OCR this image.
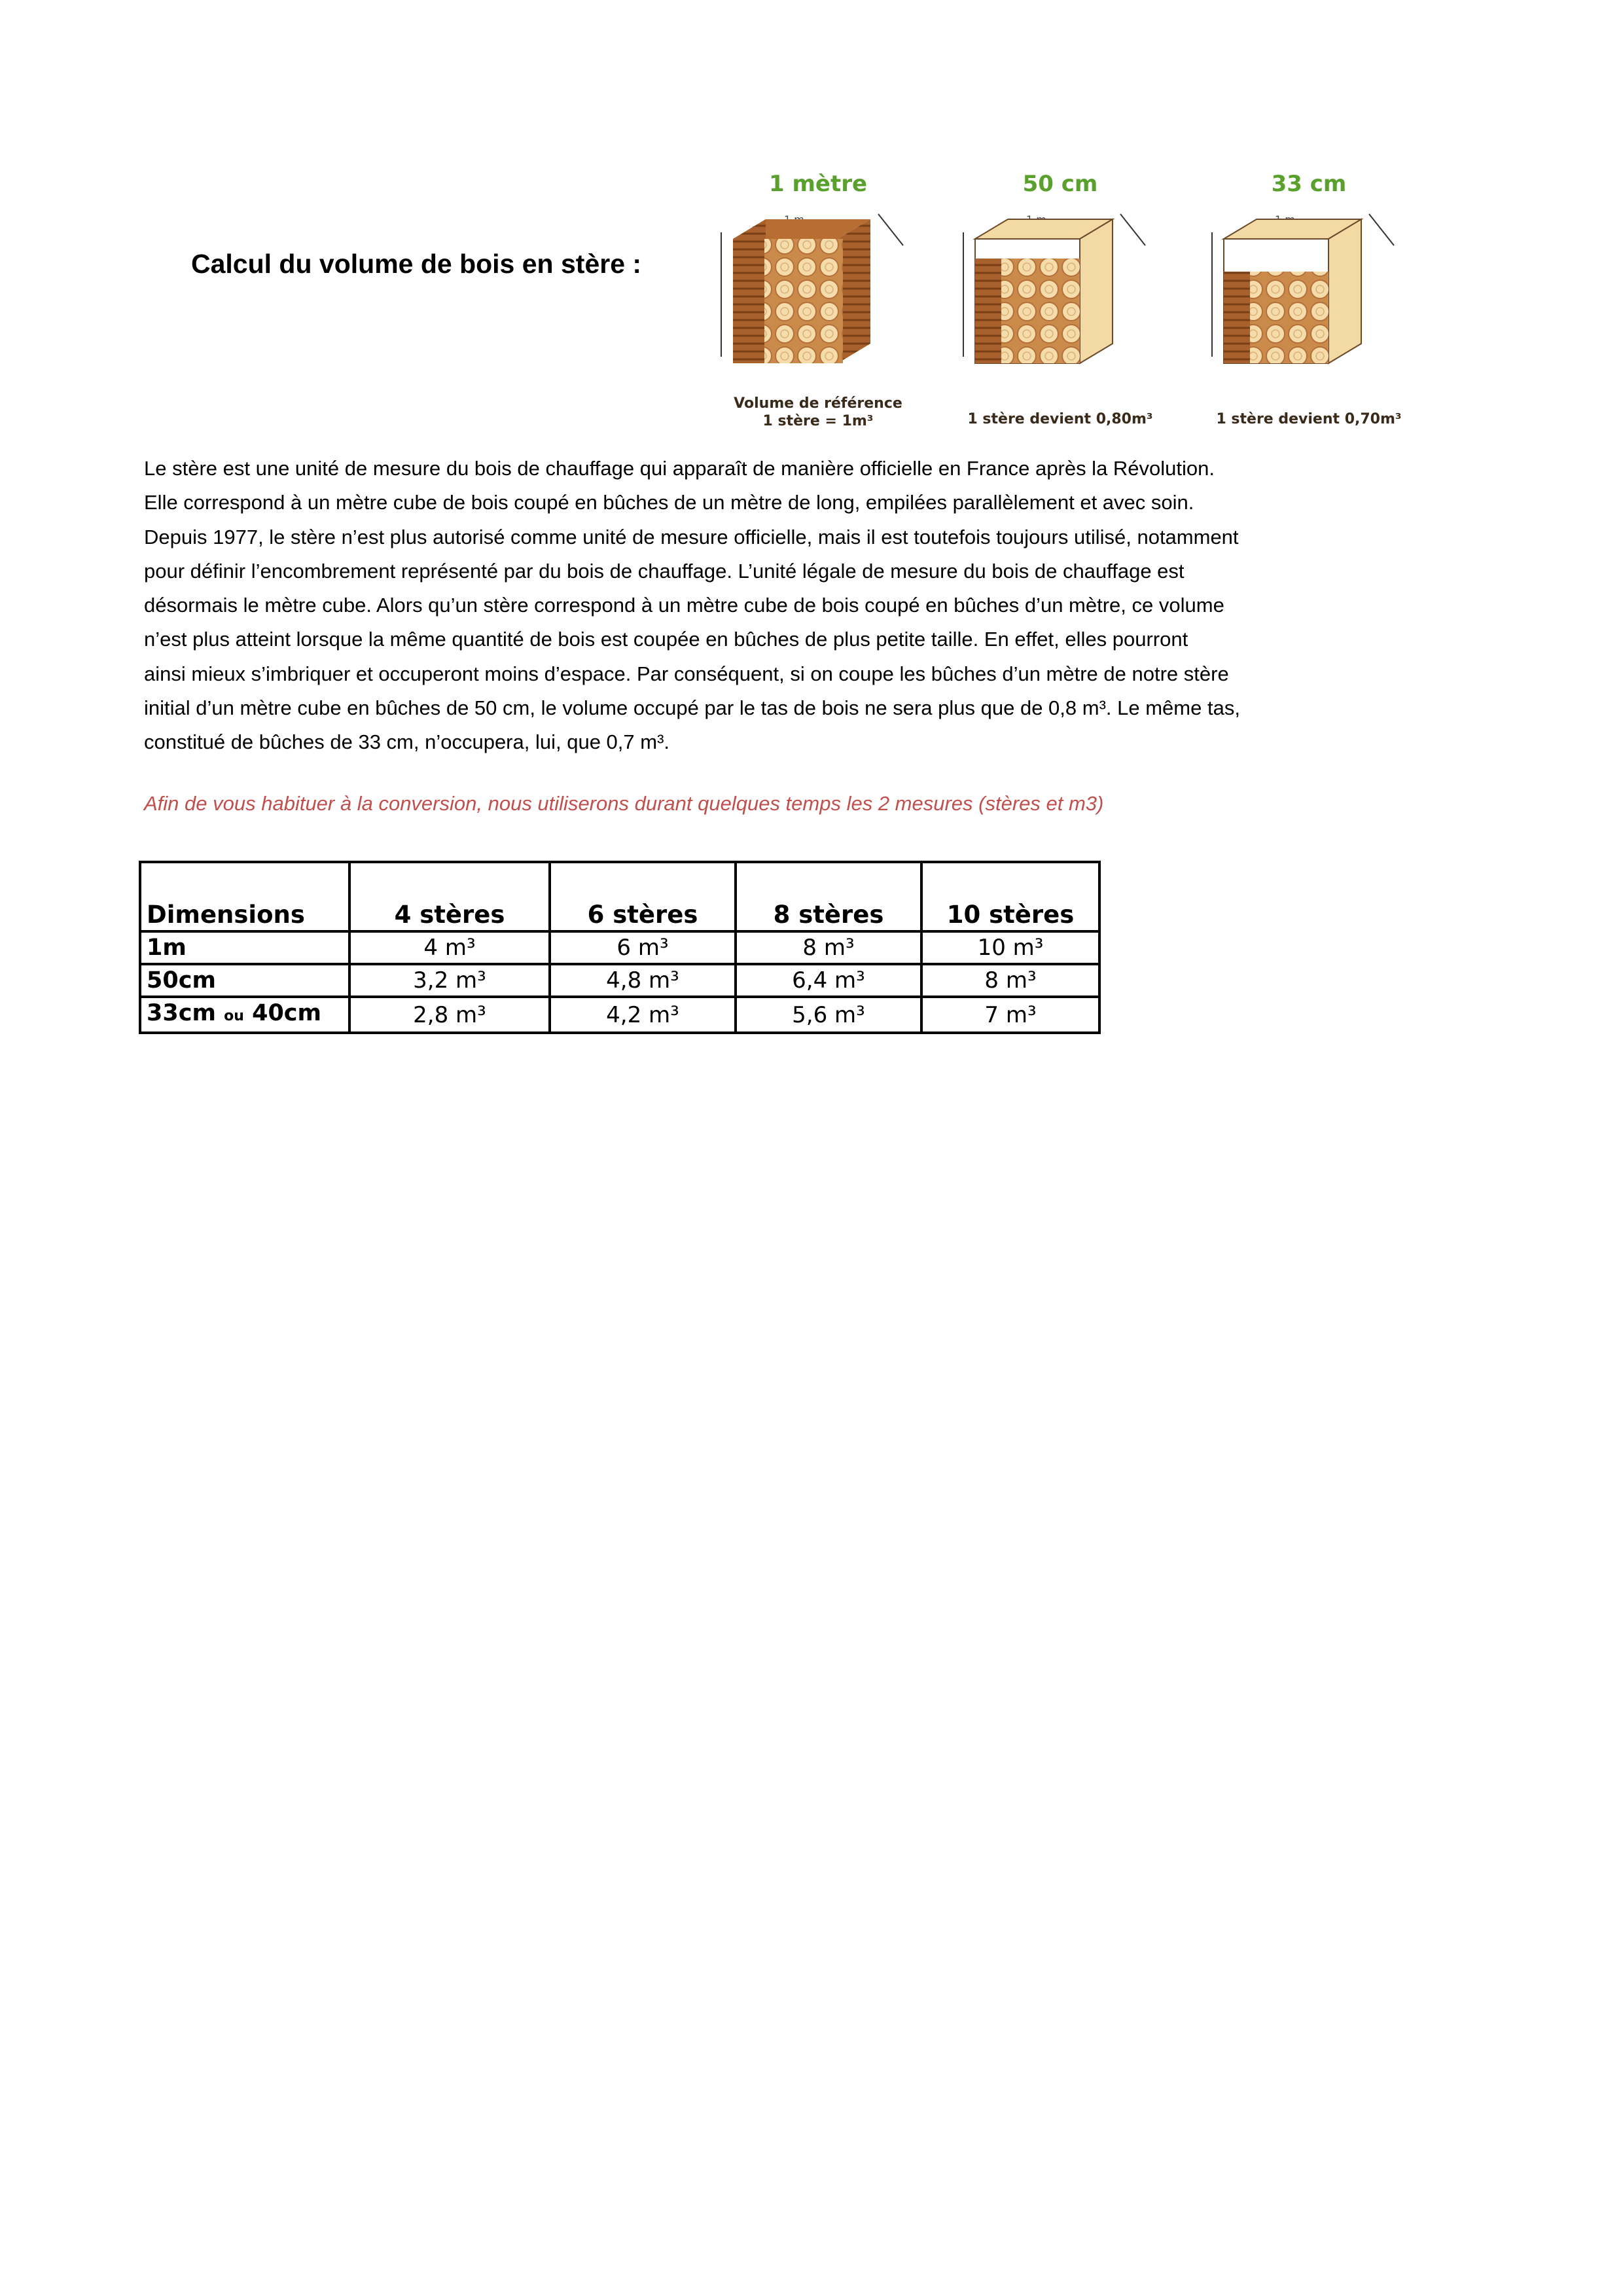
Calcul du volume de bois en stère :
1 mètre
Volume de référence
1 stère = 1m³
50 cm
1 stère devient 0,80m³
33 cm
1 stère devient 0,70m³

Le stère est une unité de mesure du bois de chauffage qui apparaît de manière officielle en France après la Révolution.
Elle correspond à un mètre cube de bois coupé en bûches de un mètre de long, empilées parallèlement et avec soin.
Depuis 1977, le stère n’est plus autorisé comme unité de mesure officielle, mais il est toutefois toujours utilisé, notamment
pour définir l’encombrement représenté par du bois de chauffage. L’unité légale de mesure du bois de chauffage est
désormais le mètre cube. Alors qu’un stère correspond à un mètre cube de bois coupé en bûches d’un mètre, ce volume
n’est plus atteint lorsque la même quantité de bois est coupée en bûches de plus petite taille. En effet, elles pourront
ainsi mieux s’imbriquer et occuperont moins d’espace. Par conséquent, si on coupe les bûches d’un mètre de notre stère
initial d’un mètre cube en bûches de 50 cm, le volume occupé par le tas de bois ne sera plus que de 0,8 m³. Le même tas,
constitué de bûches de 33 cm, n’occupera, lui, que 0,7 m³.

Afin de vous habituer à la conversion, nous utiliserons durant quelques temps les 2 mesures (stères et m3)

Dimensions	4 stères	6 stères	8 stères	10 stères
1m	4 m³	6 m³	8 m³	10 m³
50cm	3,2 m³	4,8 m³	6,4 m³	8 m³
33cm ou 40cm	2,8 m³	4,2 m³	5,6 m³	7 m³
